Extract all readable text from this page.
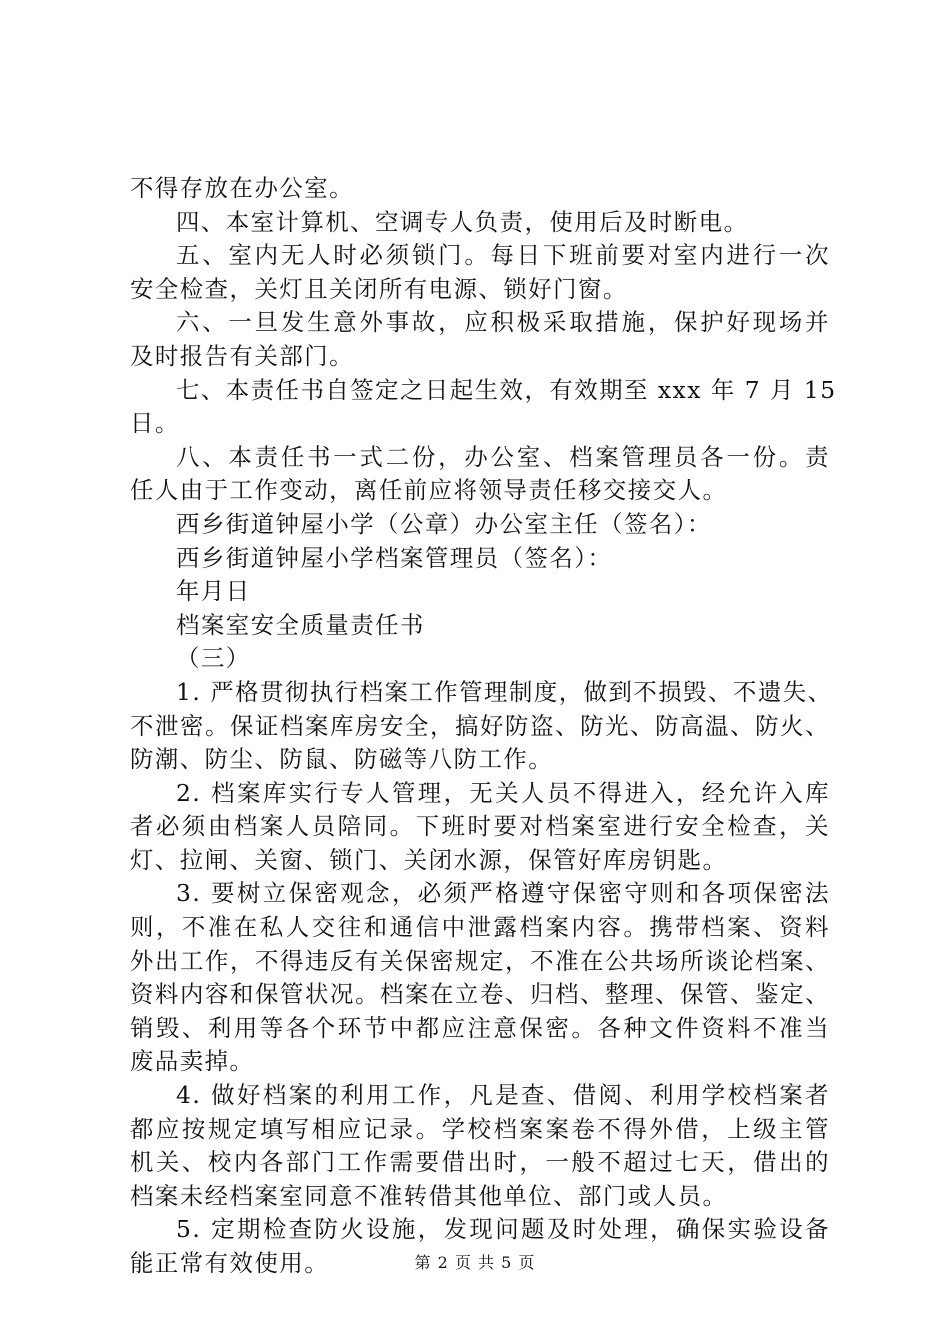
不得存放在办公室。
四、本室计算机、空调专人负责，使用后及时断电。
五、室内无人时必须锁门。每日下班前要对室内进行一次
安全检查，关灯且关闭所有电源、锁好门窗。
六、一旦发生意外事故，应积极采取措施，保护好现场并
及时报告有关部门。
七、本责任书自签定之日起生效，有效期至 xxx 年 7 月 15
日。
八、本责任书一式二份，办公室、档案管理员各一份。责
任人由于工作变动，离任前应将领导责任移交接交人。
西乡街道钟屋小学（公章）办公室主任（签名）：
西乡街道钟屋小学档案管理员（签名）：
年月日
档案室安全质量责任书
（三）
1. 严格贯彻执行档案工作管理制度，做到不损毁、不遗失、
不泄密。保证档案库房安全，搞好防盗、防光、防高温、防火、
防潮、防尘、防鼠、防磁等八防工作。
2. 档案库实行专人管理，无关人员不得进入，经允许入库
者必须由档案人员陪同。下班时要对档案室进行安全检查，关
灯、拉闸、关窗、锁门、关闭水源，保管好库房钥匙。
3. 要树立保密观念，必须严格遵守保密守则和各项保密法
则，不准在私人交往和通信中泄露档案内容。携带档案、资料
外出工作，不得违反有关保密规定，不准在公共场所谈论档案、
资料内容和保管状况。档案在立卷、归档、整理、保管、鉴定、
销毁、利用等各个环节中都应注意保密。各种文件资料不准当
废品卖掉。
4. 做好档案的利用工作，凡是查、借阅、利用学校档案者
都应按规定填写相应记录。学校档案案卷不得外借，上级主管
机关、校内各部门工作需要借出时，一般不超过七天，借出的
档案未经档案室同意不准转借其他单位、部门或人员。
5. 定期检查防火设施，发现问题及时处理，确保实验设备
能正常有效使用。	第 2 页 共 5 页
